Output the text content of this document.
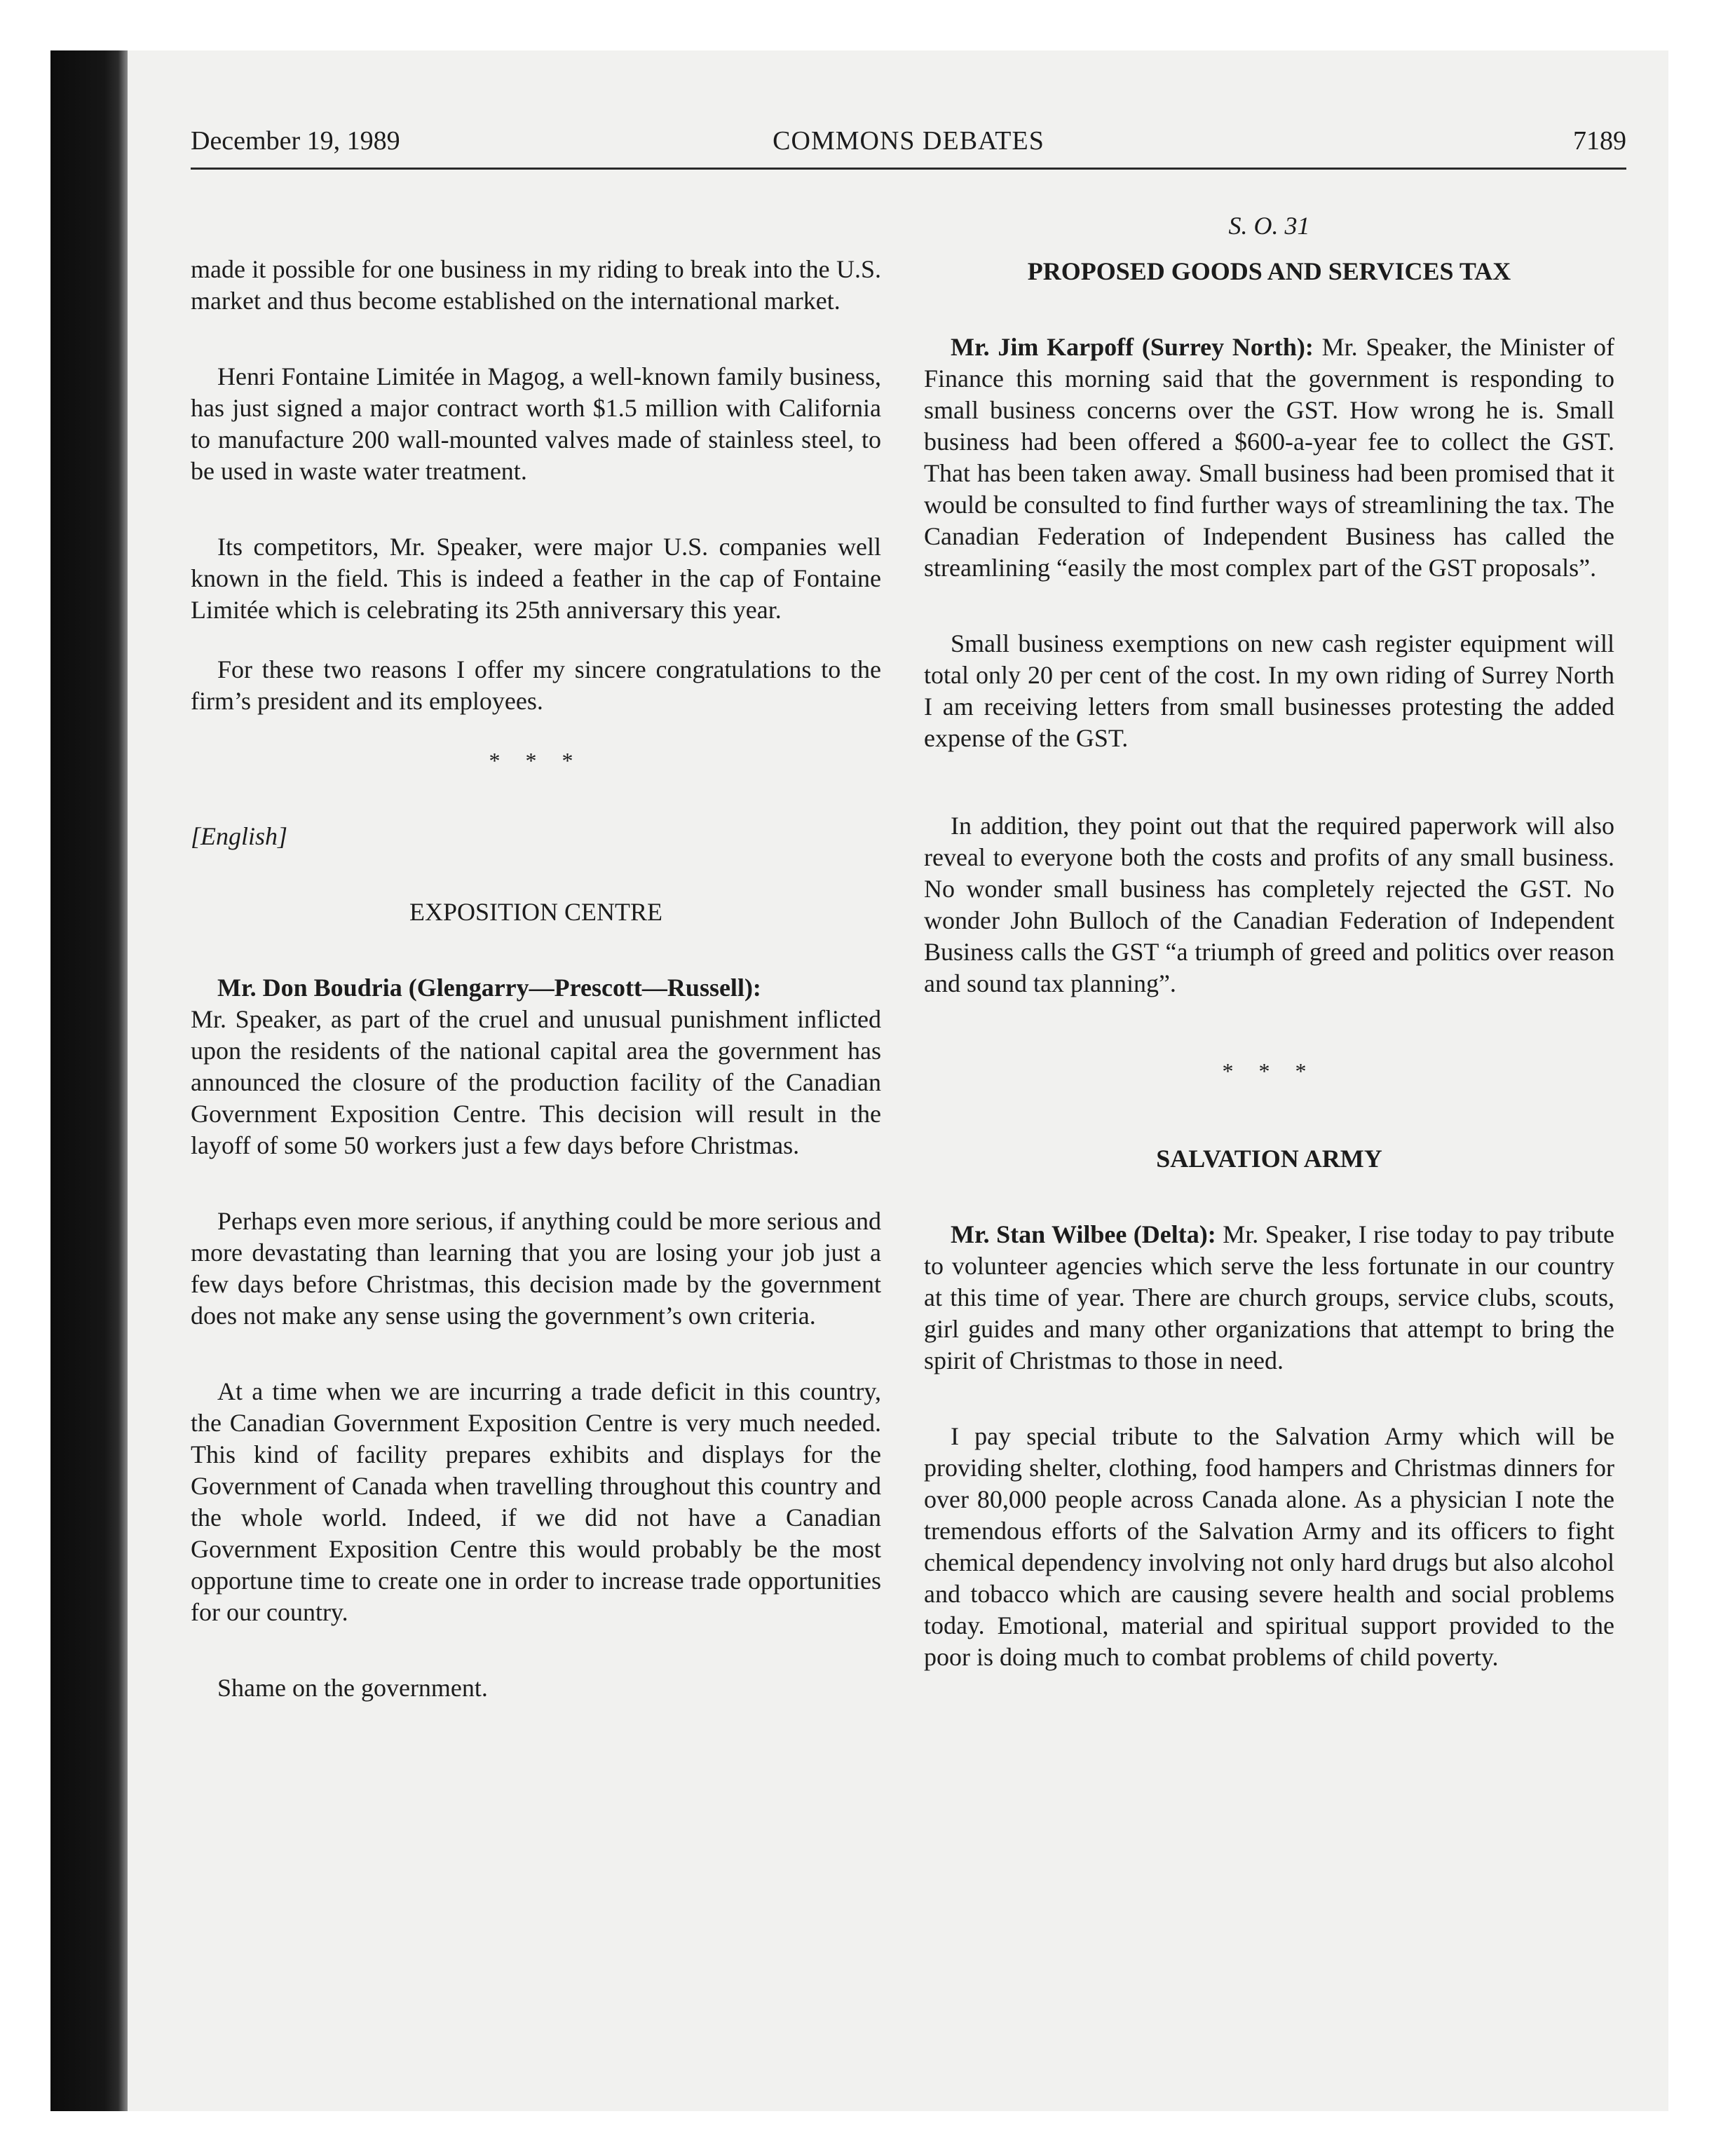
December 19, 1989	COMMONS DEBATES	7189

made it possible for one business in my riding to break into the U.S. market and thus become established on the international market.

Henri Fontaine Limitée in Magog, a well-known family business, has just signed a major contract worth $1.5 million with California to manufacture 200 wall-mounted valves made of stainless steel, to be used in waste water treatment.

Its competitors, Mr. Speaker, were major U.S. companies well known in the field. This is indeed a feather in the cap of Fontaine Limitée which is celebrating its 25th anniversary this year.

For these two reasons I offer my sincere congratulations to the firm’s president and its employees.

* * *
[English]
EXPOSITION CENTRE

Mr. Don Boudria (Glengarry—Prescott—Russell):

Mr. Speaker, as part of the cruel and unusual punishment inflicted upon the residents of the national capital area the government has announced the closure of the production facility of the Canadian Government Exposition Centre. This decision will result in the layoff of some 50 workers just a few days before Christmas.

Perhaps even more serious, if anything could be more serious and more devastating than learning that you are losing your job just a few days before Christmas, this decision made by the government does not make any sense using the government’s own criteria.

At a time when we are incurring a trade deficit in this country, the Canadian Government Exposition Centre is very much needed. This kind of facility prepares exhibits and displays for the Government of Canada when travelling throughout this country and the whole world. Indeed, if we did not have a Canadian Government Exposition Centre this would probably be the most opportune time to create one in order to increase trade opportunities for our country.

Shame on the government.

S. O. 31
PROPOSED GOODS AND SERVICES TAX

Mr. Jim Karpoff (Surrey North): Mr. Speaker, the Minister of Finance this morning said that the government is responding to small business concerns over the GST. How wrong he is. Small business had been offered a $600-a-year fee to collect the GST. That has been taken away. Small business had been promised that it would be consulted to find further ways of streamlining the tax. The Canadian Federation of Independent Business has called the streamlining “easily the most complex part of the GST proposals”.

Small business exemptions on new cash register equipment will total only 20 per cent of the cost. In my own riding of Surrey North I am receiving letters from small businesses protesting the added expense of the GST.

In addition, they point out that the required paperwork will also reveal to everyone both the costs and profits of any small business. No wonder small business has completely rejected the GST. No wonder John Bulloch of the Canadian Federation of Independent Business calls the GST “a triumph of greed and politics over reason and sound tax planning”.

* * *
SALVATION ARMY

Mr. Stan Wilbee (Delta): Mr. Speaker, I rise today to pay tribute to volunteer agencies which serve the less fortunate in our country at this time of year. There are church groups, service clubs, scouts, girl guides and many other organizations that attempt to bring the spirit of Christmas to those in need.

I pay special tribute to the Salvation Army which will be providing shelter, clothing, food hampers and Christmas dinners for over 80,000 people across Canada alone. As a physician I note the tremendous efforts of the Salvation Army and its officers to fight chemical dependency involving not only hard drugs but also alcohol and tobacco which are causing severe health and social problems today. Emotional, material and spiritual support provided to the poor is doing much to combat problems of child poverty.
